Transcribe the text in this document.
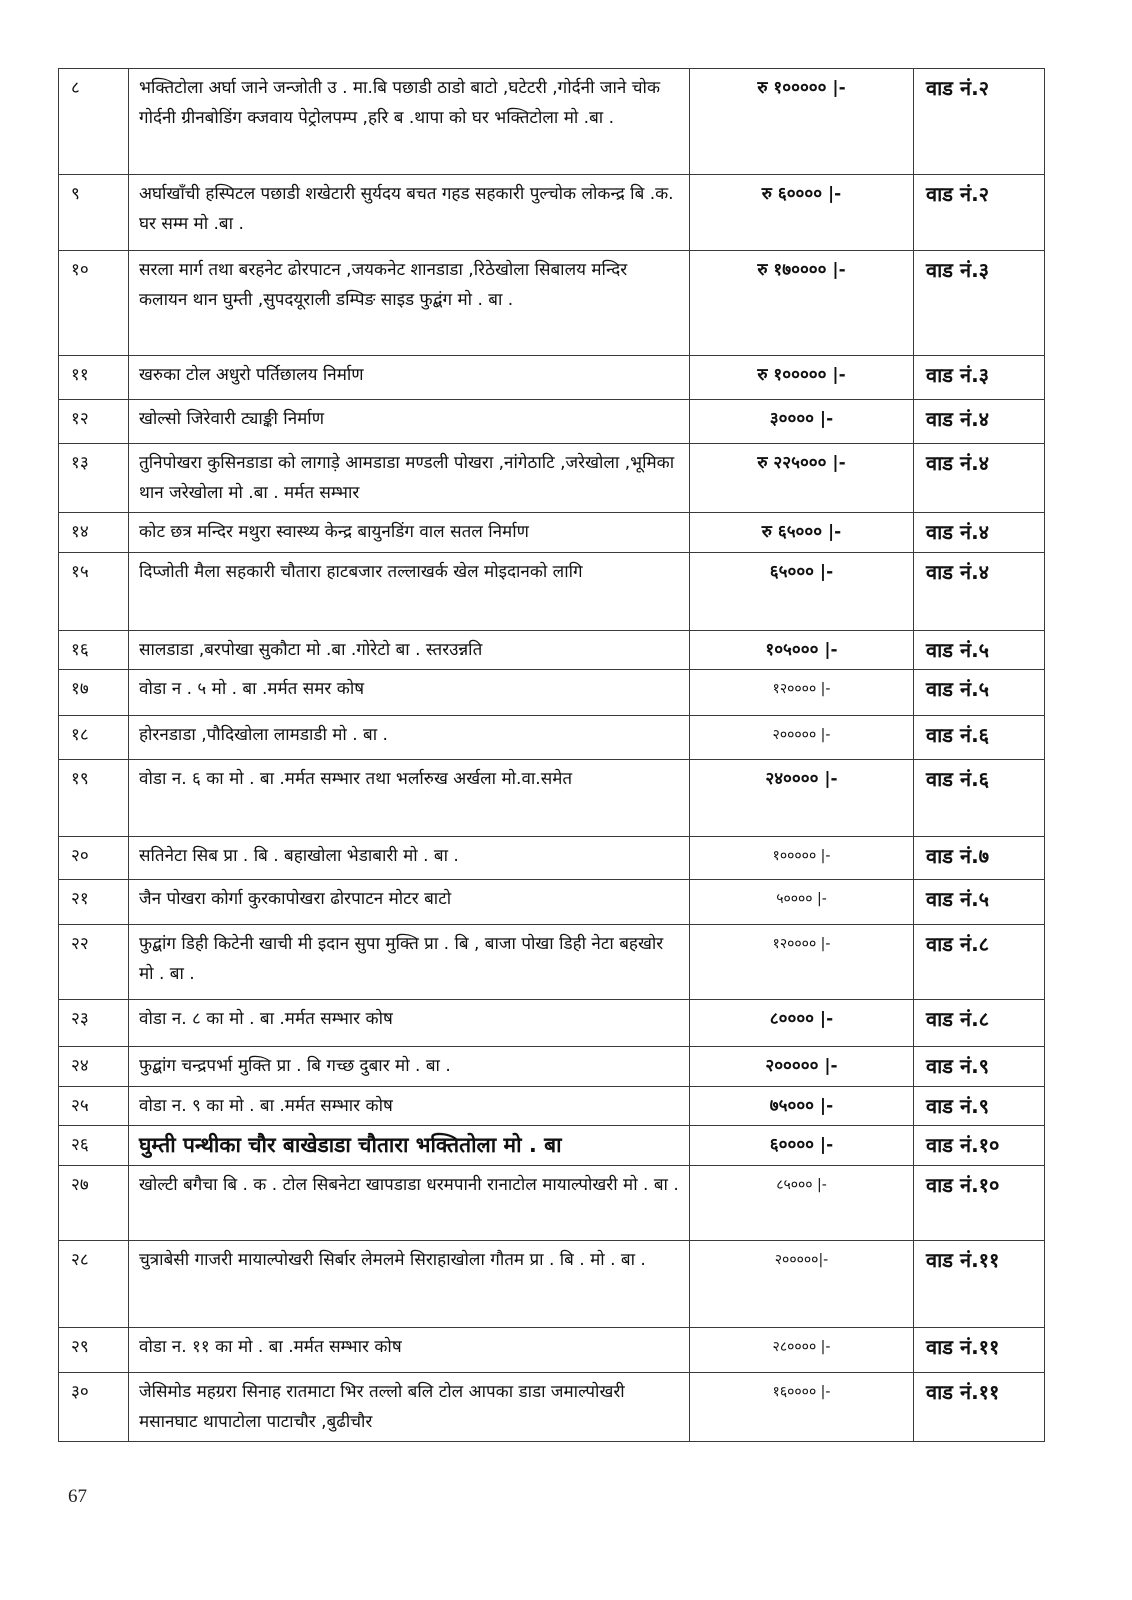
८	भक्तिटोला अर्घा जाने जन्जोती उ . मा.बि पछाडी ठाडो बाटो ,घटेटरी ,गोर्दनी जाने चोक गोर्दनी ग्रीनबोडिंग क्जवाय पेट्रोलपम्प ,हरि ब .थापा को घर भक्तिटोला मो .बा .	रु १००००० |-	वाड नं.२
९	अर्घाखाँची हस्पिटल पछाडी शखेटारी सुर्यदय बचत गहड सहकारी पुल्चोक लोकन्द्र बि .क. घर सम्म मो .बा .	रु ६०००० |-	वाड नं.२
१०	सरला मार्ग तथा बरहनेट ढोरपाटन ,जयकनेट शानडाडा ,रिठेखोला सिबालय मन्दिर कलायन थान घुम्ती ,सुपदयूराली डम्पिङ साइड फुद्बंग मो . बा .	रु १७०००० |-	वाड नं.३
११	खरुका टोल अधुरो पर्तिछालय निर्माण	रु १००००० |-	वाड नं.३
१२	खोल्सो जिरेवारी ट्याङ्की निर्माण	३०००० |-	वाड नं.४
१३	तुनिपोखरा कुसिनडाडा को लागाड़े आमडाडा मण्डली पोखरा ,नांगेठाटि ,जरेखोला ,भूमिका थान जरेखोला मो .बा . मर्मत सम्भार	रु २२५००० |-	वाड नं.४
१४	कोट छत्र मन्दिर मथुरा स्वास्थ्य केन्द्र बायुनडिंग वाल सतल निर्माण	रु ६५००० |-	वाड नं.४
१५	दिप्जोती मैला सहकारी चौतारा हाटबजार तल्लाखर्क खेल मोइदानको लागि	६५००० |-	वाड नं.४
१६	सालडाडा ,बरपोखा सुकौटा मो .बा .गोरेटो बा . स्तरउन्नति	१०५००० |-	वाड नं.५
१७	वोडा न . ५ मो . बा .मर्मत समर कोष	१२०००० |-	वाड नं.५
१८	होरनडाडा ,पौदिखोला लामडाडी मो . बा .	२००००० |-	वाड नं.६
१९	वोडा न. ६ का मो . बा .मर्मत सम्भार तथा भर्लारुख अर्खला मो.वा.समेत	२४०००० |-	वाड नं.६
२०	सतिनेटा सिब प्रा . बि . बहाखोला भेडाबारी मो . बा .	१००००० |-	वाड नं.७
२१	जैन पोखरा कोर्गा कुरकापोखरा ढोरपाटन मोटर बाटो	५०००० |-	वाड नं.५
२२	फुद्बांग डिही किटेनी खाची मी इदान सुपा मुक्ति प्रा . बि , बाजा पोखा डिही नेटा बहखोर मो . बा .	१२०००० |-	वाड नं.८
२३	वोडा न. ८ का मो . बा .मर्मत सम्भार कोष	८०००० |-	वाड नं.८
२४	फुद्बांग चन्द्रपर्भा मुक्ति प्रा . बि गच्छ दुबार मो . बा .	२००००० |-	वाड नं.९
२५	वोडा न. ९ का मो . बा .मर्मत सम्भार कोष	७५००० |-	वाड नं.९
२६	घुम्ती पन्थीका चौर बाखेडाडा चौतारा भक्तितोला मो . बा	६०००० |-	वाड नं.१०
२७	खोल्टी बगैचा बि . क . टोल सिबनेटा खापडाडा धरमपानी रानाटोल मायाल्पोखरी मो . बा .	८५००० |-	वाड नं.१०
२८	चुत्राबेसी गाजरी मायाल्पोखरी सिर्बार लेमलमे सिराहाखोला गौतम प्रा . बि . मो . बा .	२०००००|-	वाड नं.११
२९	वोडा न. ११ का मो . बा .मर्मत सम्भार कोष	२८०००० |-	वाड नं.११
३०	जेसिमोड महग्ररा सिनाह रातमाटा भिर तल्लो बलि टोल आपका डाडा जमाल्पोखरी मसानघाट थापाटोला पाटाचौर ,बुढीचौर	१६०००० |-	वाड नं.११
67
